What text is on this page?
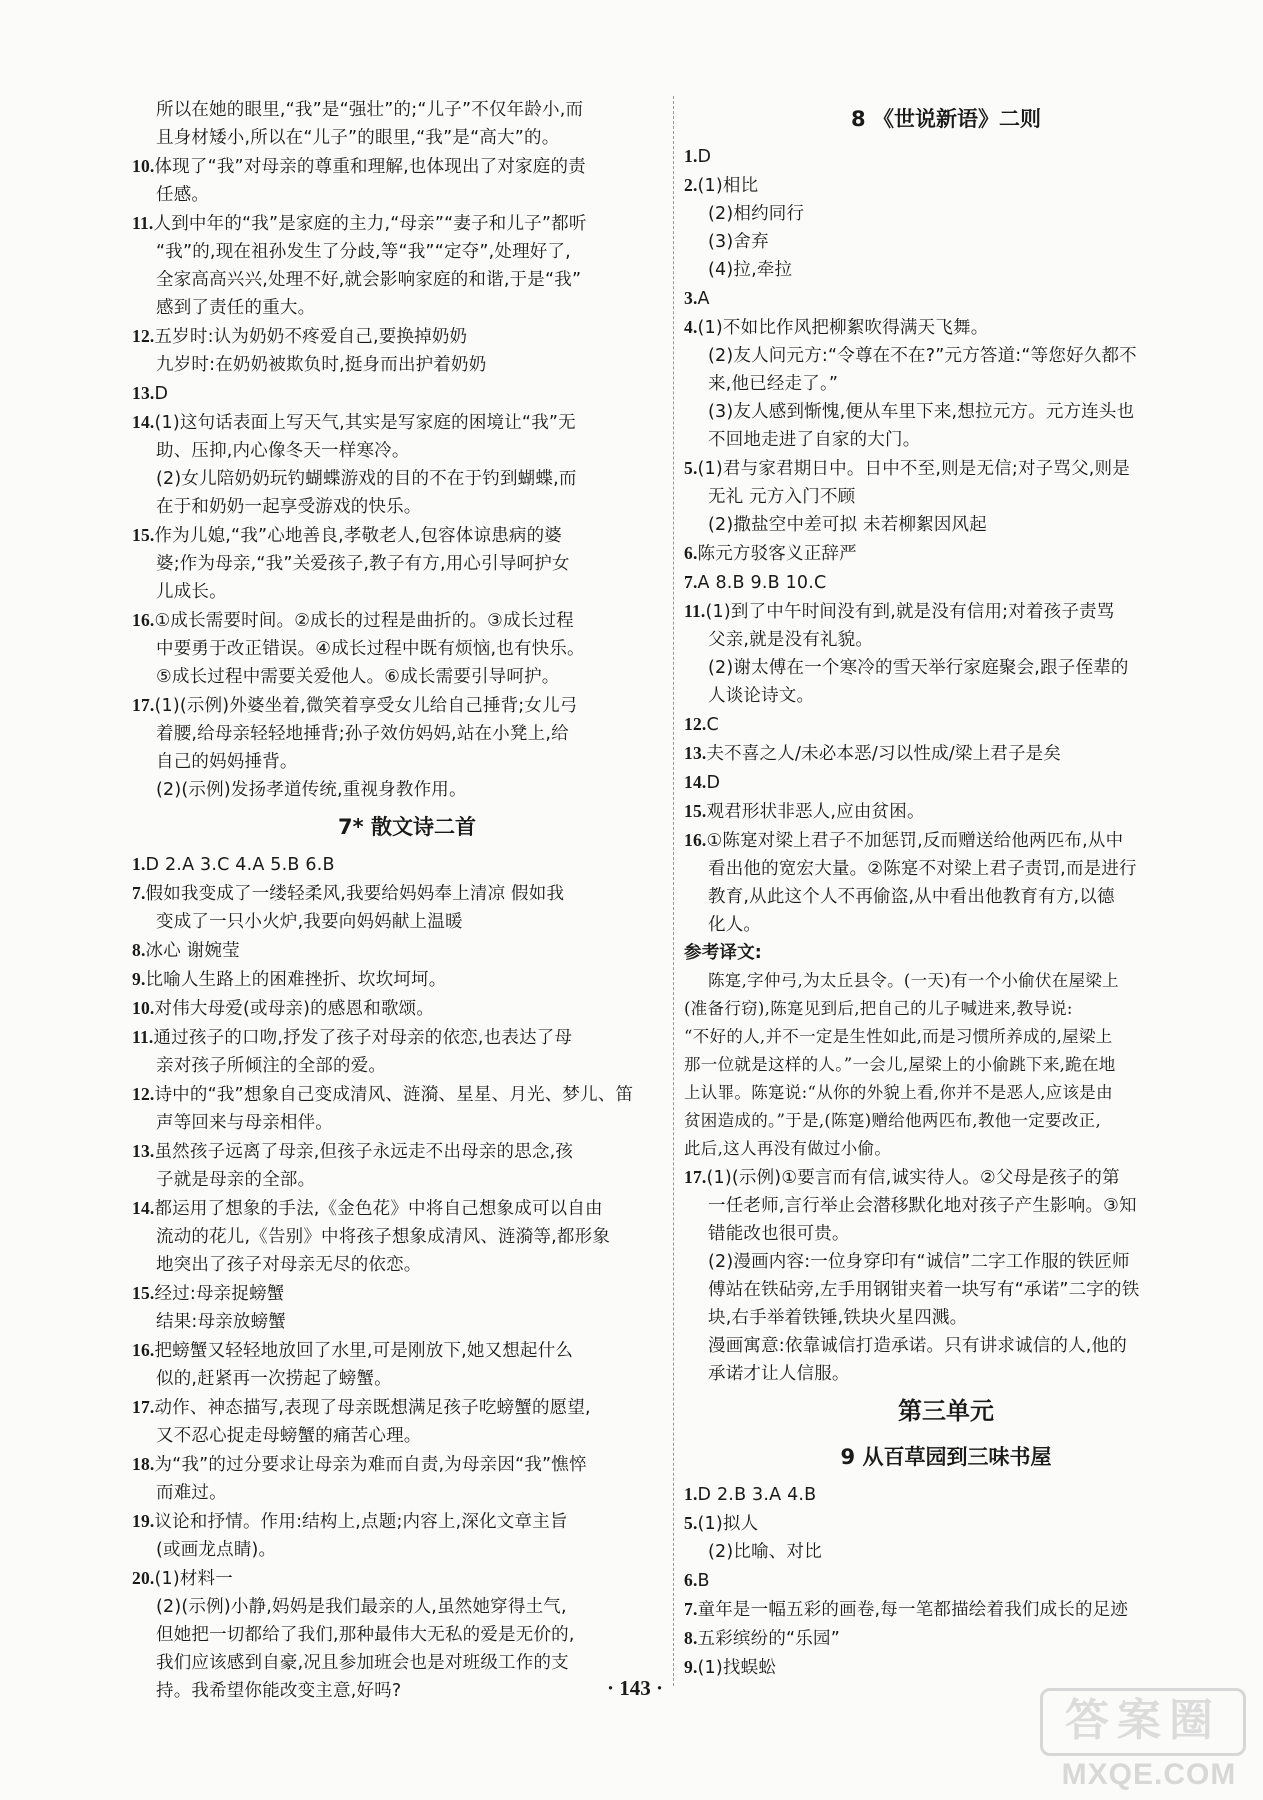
所以在她的眼里,“我”是“强壮”的;“儿子”不仅年龄小,而
且身材矮小,所以在“儿子”的眼里,“我”是“高大”的。
10.体现了“我”对母亲的尊重和理解,也体现出了对家庭的责
任感。
11.人到中年的“我”是家庭的主力,“母亲”“妻子和儿子”都听
“我”的,现在祖孙发生了分歧,等“我”“定夺”,处理好了,
全家高高兴兴,处理不好,就会影响家庭的和谐,于是“我”
感到了责任的重大。
12.五岁时:认为奶奶不疼爱自己,要换掉奶奶
九岁时:在奶奶被欺负时,挺身而出护着奶奶
13.D
14.(1)这句话表面上写天气,其实是写家庭的困境让“我”无
助、压抑,内心像冬天一样寒冷。
(2)女儿陪奶奶玩钓蝴蝶游戏的目的不在于钓到蝴蝶,而
在于和奶奶一起享受游戏的快乐。
15.作为儿媳,“我”心地善良,孝敬老人,包容体谅患病的婆
婆;作为母亲,“我”关爱孩子,教子有方,用心引导呵护女
儿成长。
16.①成长需要时间。②成长的过程是曲折的。③成长过程
中要勇于改正错误。④成长过程中既有烦恼,也有快乐。
⑤成长过程中需要关爱他人。⑥成长需要引导呵护。
17.(1)(示例)外婆坐着,微笑着享受女儿给自己捶背;女儿弓
着腰,给母亲轻轻地捶背;孙子效仿妈妈,站在小凳上,给
自己的妈妈捶背。
(2)(示例)发扬孝道传统,重视身教作用。
7* 散文诗二首
1.D 2.A 3.C 4.A 5.B 6.B
7.假如我变成了一缕轻柔风,我要给妈妈奉上清凉 假如我
变成了一只小火炉,我要向妈妈献上温暖
8.冰心 谢婉莹
9.比喻人生路上的困难挫折、坎坎坷坷。
10.对伟大母爱(或母亲)的感恩和歌颂。
11.通过孩子的口吻,抒发了孩子对母亲的依恋,也表达了母
亲对孩子所倾注的全部的爱。
12.诗中的“我”想象自己变成清风、涟漪、星星、月光、梦儿、笛
声等回来与母亲相伴。
13.虽然孩子远离了母亲,但孩子永远走不出母亲的思念,孩
子就是母亲的全部。
14.都运用了想象的手法,《金色花》中将自己想象成可以自由
流动的花儿,《告别》中将孩子想象成清风、涟漪等,都形象
地突出了孩子对母亲无尽的依恋。
15.经过:母亲捉螃蟹
结果:母亲放螃蟹
16.把螃蟹又轻轻地放回了水里,可是刚放下,她又想起什么
似的,赶紧再一次捞起了螃蟹。
17.动作、神态描写,表现了母亲既想满足孩子吃螃蟹的愿望,
又不忍心捉走母螃蟹的痛苦心理。
18.为“我”的过分要求让母亲为难而自责,为母亲因“我”憔悴
而难过。
19.议论和抒情。作用:结构上,点题;内容上,深化文章主旨
(或画龙点睛)。
20.(1)材料一
(2)(示例)小静,妈妈是我们最亲的人,虽然她穿得土气,
但她把一切都给了我们,那种最伟大无私的爱是无价的,
我们应该感到自豪,况且参加班会也是对班级工作的支
持。我希望你能改变主意,好吗?
8 《世说新语》二则
1.D
2.(1)相比
(2)相约同行
(3)舍弃
(4)拉,牵拉
3.A
4.(1)不如比作风把柳絮吹得满天飞舞。
(2)友人问元方:“令尊在不在?”元方答道:“等您好久都不
来,他已经走了。”
(3)友人感到惭愧,便从车里下来,想拉元方。元方连头也
不回地走进了自家的大门。
5.(1)君与家君期日中。日中不至,则是无信;对子骂父,则是
无礼 元方入门不顾
(2)撒盐空中差可拟 未若柳絮因风起
6.陈元方驳客义正辞严
7.A 8.B 9.B 10.C
11.(1)到了中午时间没有到,就是没有信用;对着孩子责骂
父亲,就是没有礼貌。
(2)谢太傅在一个寒冷的雪天举行家庭聚会,跟子侄辈的
人谈论诗文。
12.C
13.夫不喜之人/未必本恶/习以性成/梁上君子是矣
14.D
15.观君形状非恶人,应由贫困。
16.①陈寔对梁上君子不加惩罚,反而赠送给他两匹布,从中
看出他的宽宏大量。②陈寔不对梁上君子责罚,而是进行
教育,从此这个人不再偷盗,从中看出他教育有方,以德
化人。
参考译文:
陈寔,字仲弓,为太丘县令。(一天)有一个小偷伏在屋梁上
(准备行窃),陈寔见到后,把自己的儿子喊进来,教导说:
“不好的人,并不一定是生性如此,而是习惯所养成的,屋梁上
那一位就是这样的人。”一会儿,屋梁上的小偷跳下来,跪在地
上认罪。陈寔说:“从你的外貌上看,你并不是恶人,应该是由
贫困造成的。”于是,(陈寔)赠给他两匹布,教他一定要改正,
此后,这人再没有做过小偷。
17.(1)(示例)①要言而有信,诚实待人。②父母是孩子的第
一任老师,言行举止会潜移默化地对孩子产生影响。③知
错能改也很可贵。
(2)漫画内容:一位身穿印有“诚信”二字工作服的铁匠师
傅站在铁砧旁,左手用钢钳夹着一块写有“承诺”二字的铁
块,右手举着铁锤,铁块火星四溅。
漫画寓意:依靠诚信打造承诺。只有讲求诚信的人,他的
承诺才让人信服。
第三单元
9 从百草园到三味书屋
1.D 2.B 3.A 4.B
5.(1)拟人
(2)比喻、对比
6.B
7.童年是一幅五彩的画卷,每一笔都描绘着我们成长的足迹
8.五彩缤纷的“乐园”
9.(1)找蜈蚣
· 143 ·
答案圈
MXQE.COM
